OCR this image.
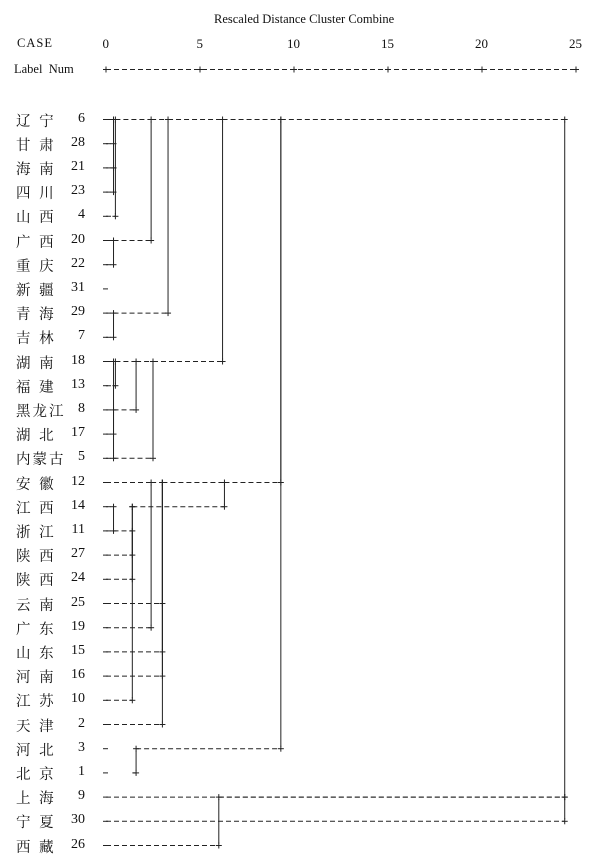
Rescaled Distance Cluster Combine
CASE
Label  Num
0	5	10	15	20	25
辽 宁	6
甘 肃 28
海 南 21
四 川 23
山 西	4
广 西 20
重 庆 22
新 疆 31
青 海 29
吉 林	7
湖 南 18
福 建 13
黑龙江 8
湖 北 17
内蒙古 5
安 徽 12
江 西 14
浙 江 11
陕 西 27
陕 西 24
云 南 25
广 东 19
山 东 15
河 南 16
江 苏 10
天 津	2
河 北	3
北 京	1
上 海	9
宁 夏 30
西 藏 26
